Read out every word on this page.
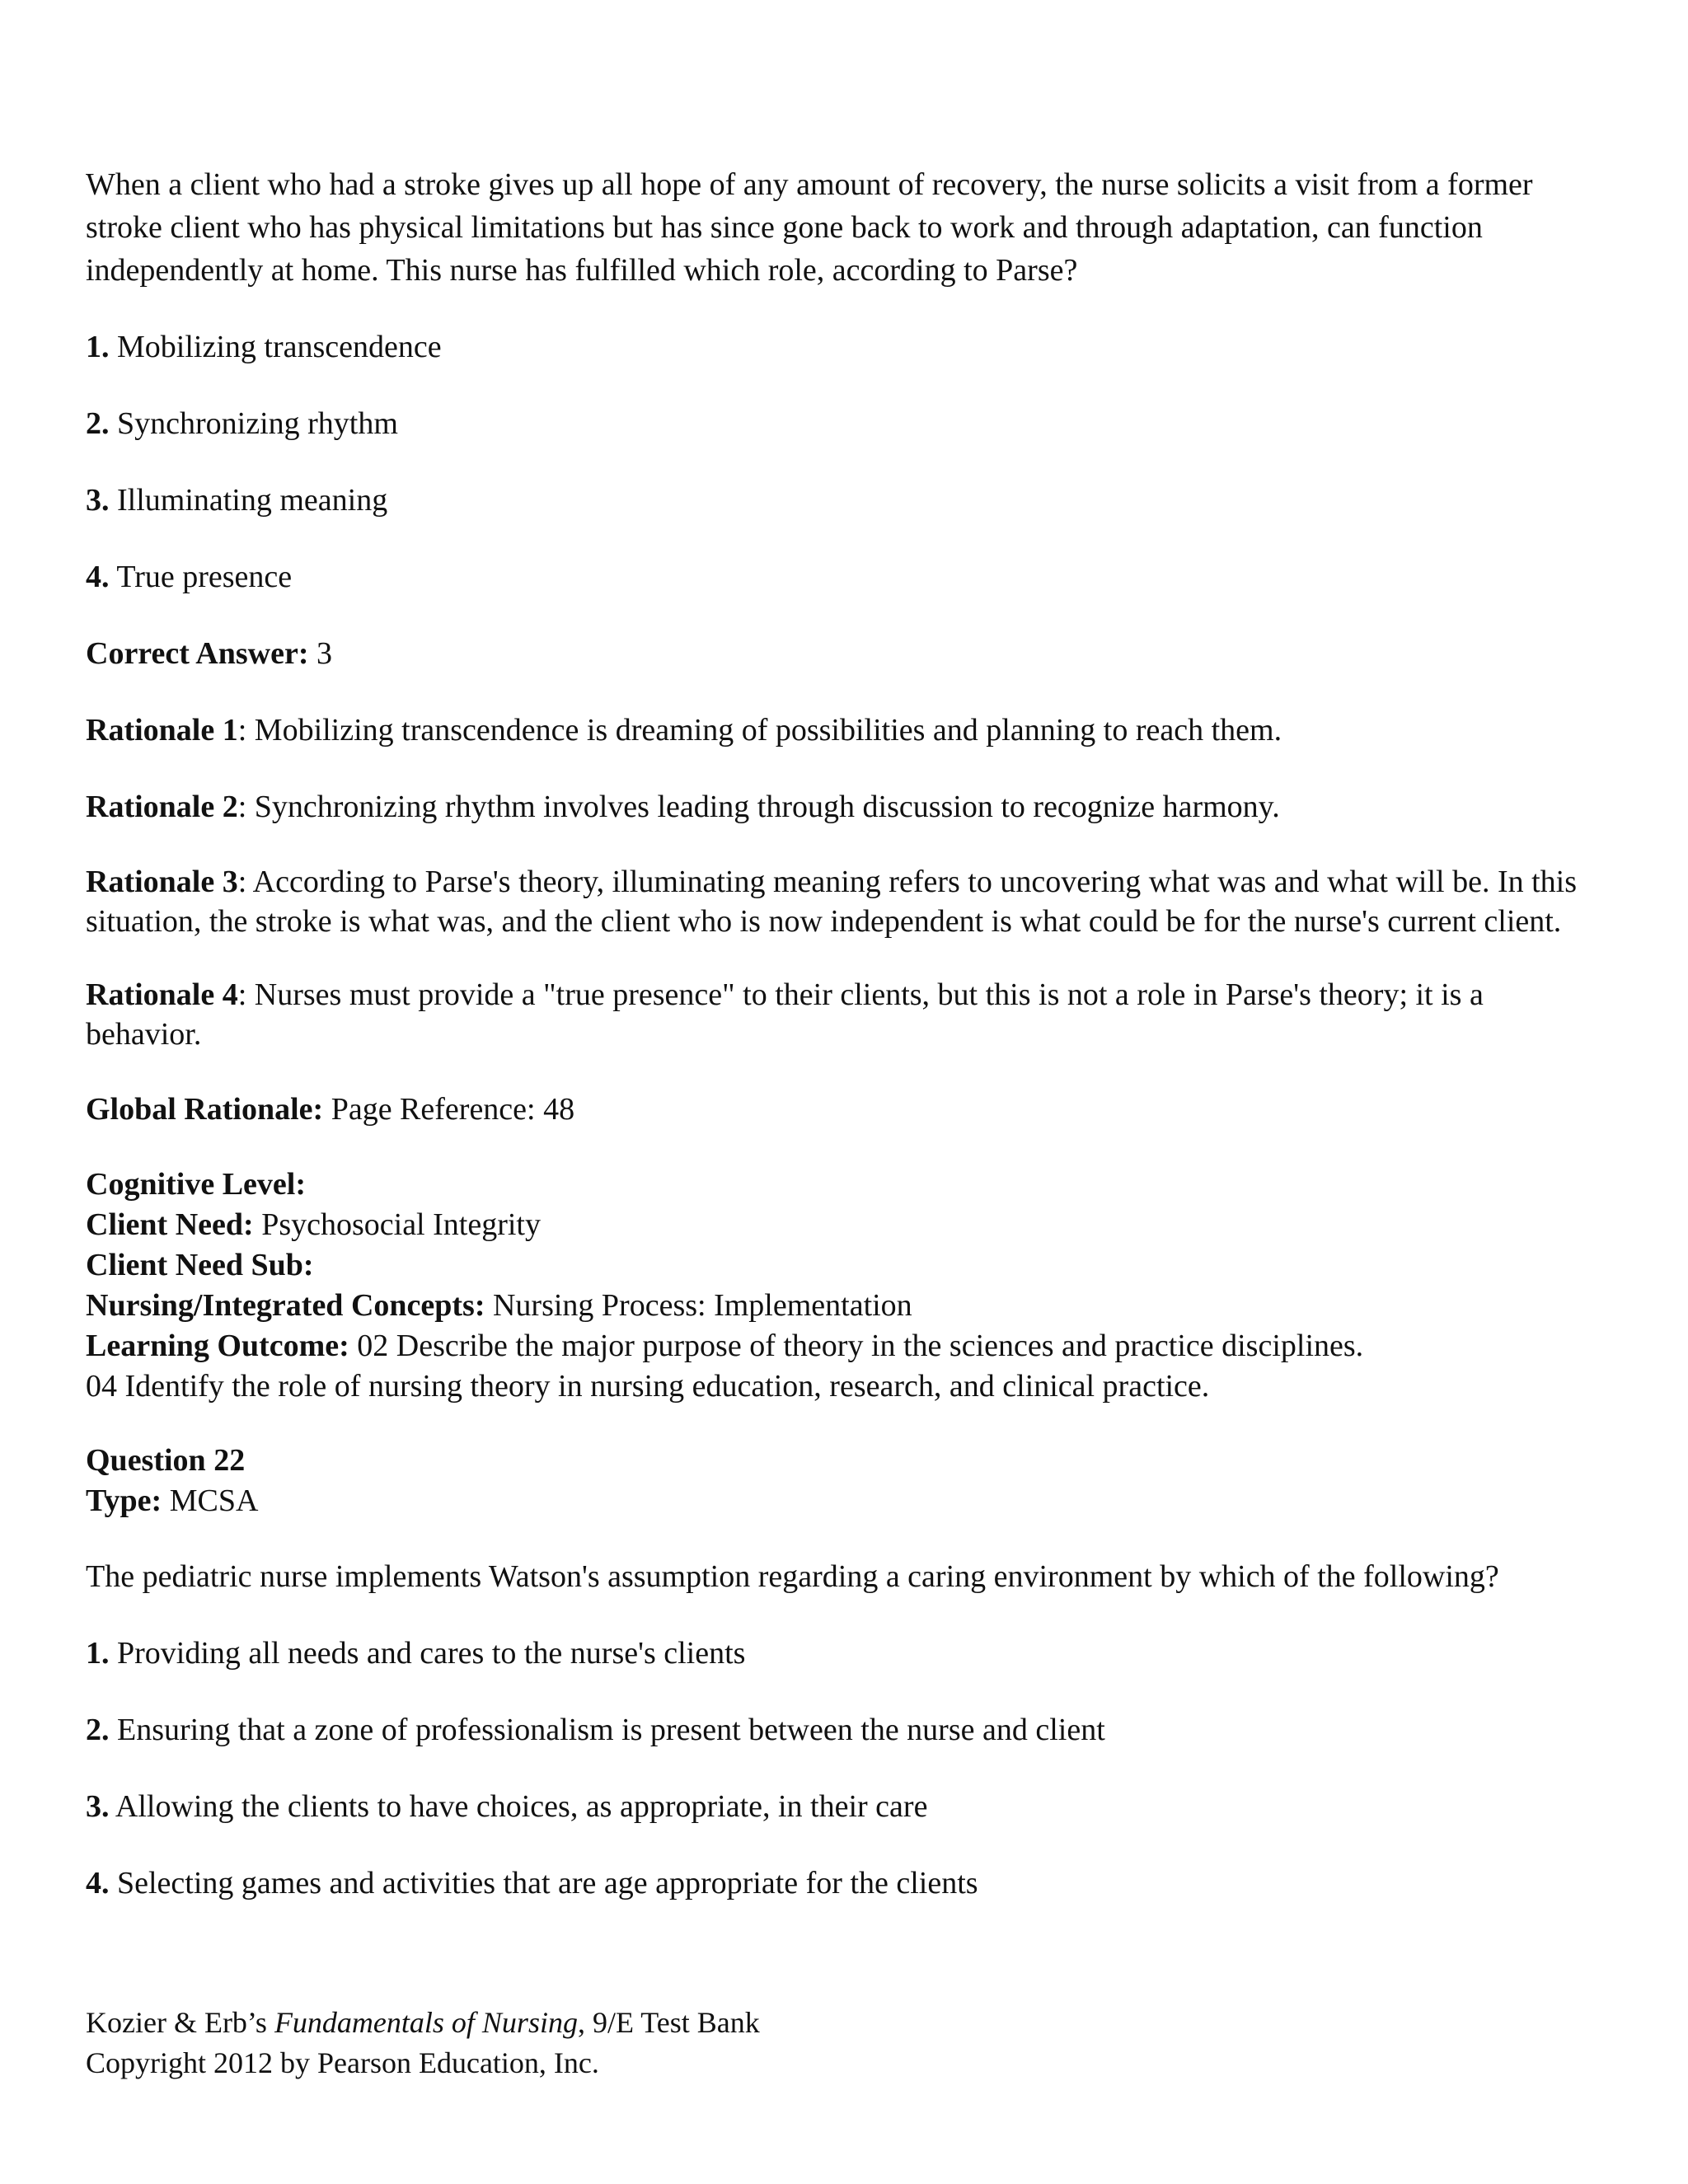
When a client who had a stroke gives up all hope of any amount of recovery, the nurse solicits a visit from a former stroke client who has physical limitations but has since gone back to work and through adaptation, can function independently at home. This nurse has fulfilled which role, according to Parse?

1. Mobilizing transcendence
2. Synchronizing rhythm
3. Illuminating meaning
4. True presence

Correct Answer: 3

Rationale 1: Mobilizing transcendence is dreaming of possibilities and planning to reach them.

Rationale 2: Synchronizing rhythm involves leading through discussion to recognize harmony.

Rationale 3: According to Parse's theory, illuminating meaning refers to uncovering what was and what will be. In this situation, the stroke is what was, and the client who is now independent is what could be for the nurse's current client.

Rationale 4: Nurses must provide a "true presence" to their clients, but this is not a role in Parse's theory; it is a behavior.

Global Rationale: Page Reference: 48

Cognitive Level:
Client Need: Psychosocial Integrity
Client Need Sub:
Nursing/Integrated Concepts: Nursing Process: Implementation
Learning Outcome: 02 Describe the major purpose of theory in the sciences and practice disciplines.
04 Identify the role of nursing theory in nursing education, research, and clinical practice.
Question 22
Type: MCSA

The pediatric nurse implements Watson's assumption regarding a caring environment by which of the following?

1. Providing all needs and cares to the nurse's clients
2. Ensuring that a zone of professionalism is present between the nurse and client
3. Allowing the clients to have choices, as appropriate, in their care
4. Selecting games and activities that are age appropriate for the clients
Kozier & Erb’s Fundamentals of Nursing, 9/E Test Bank
Copyright 2012 by Pearson Education, Inc.
